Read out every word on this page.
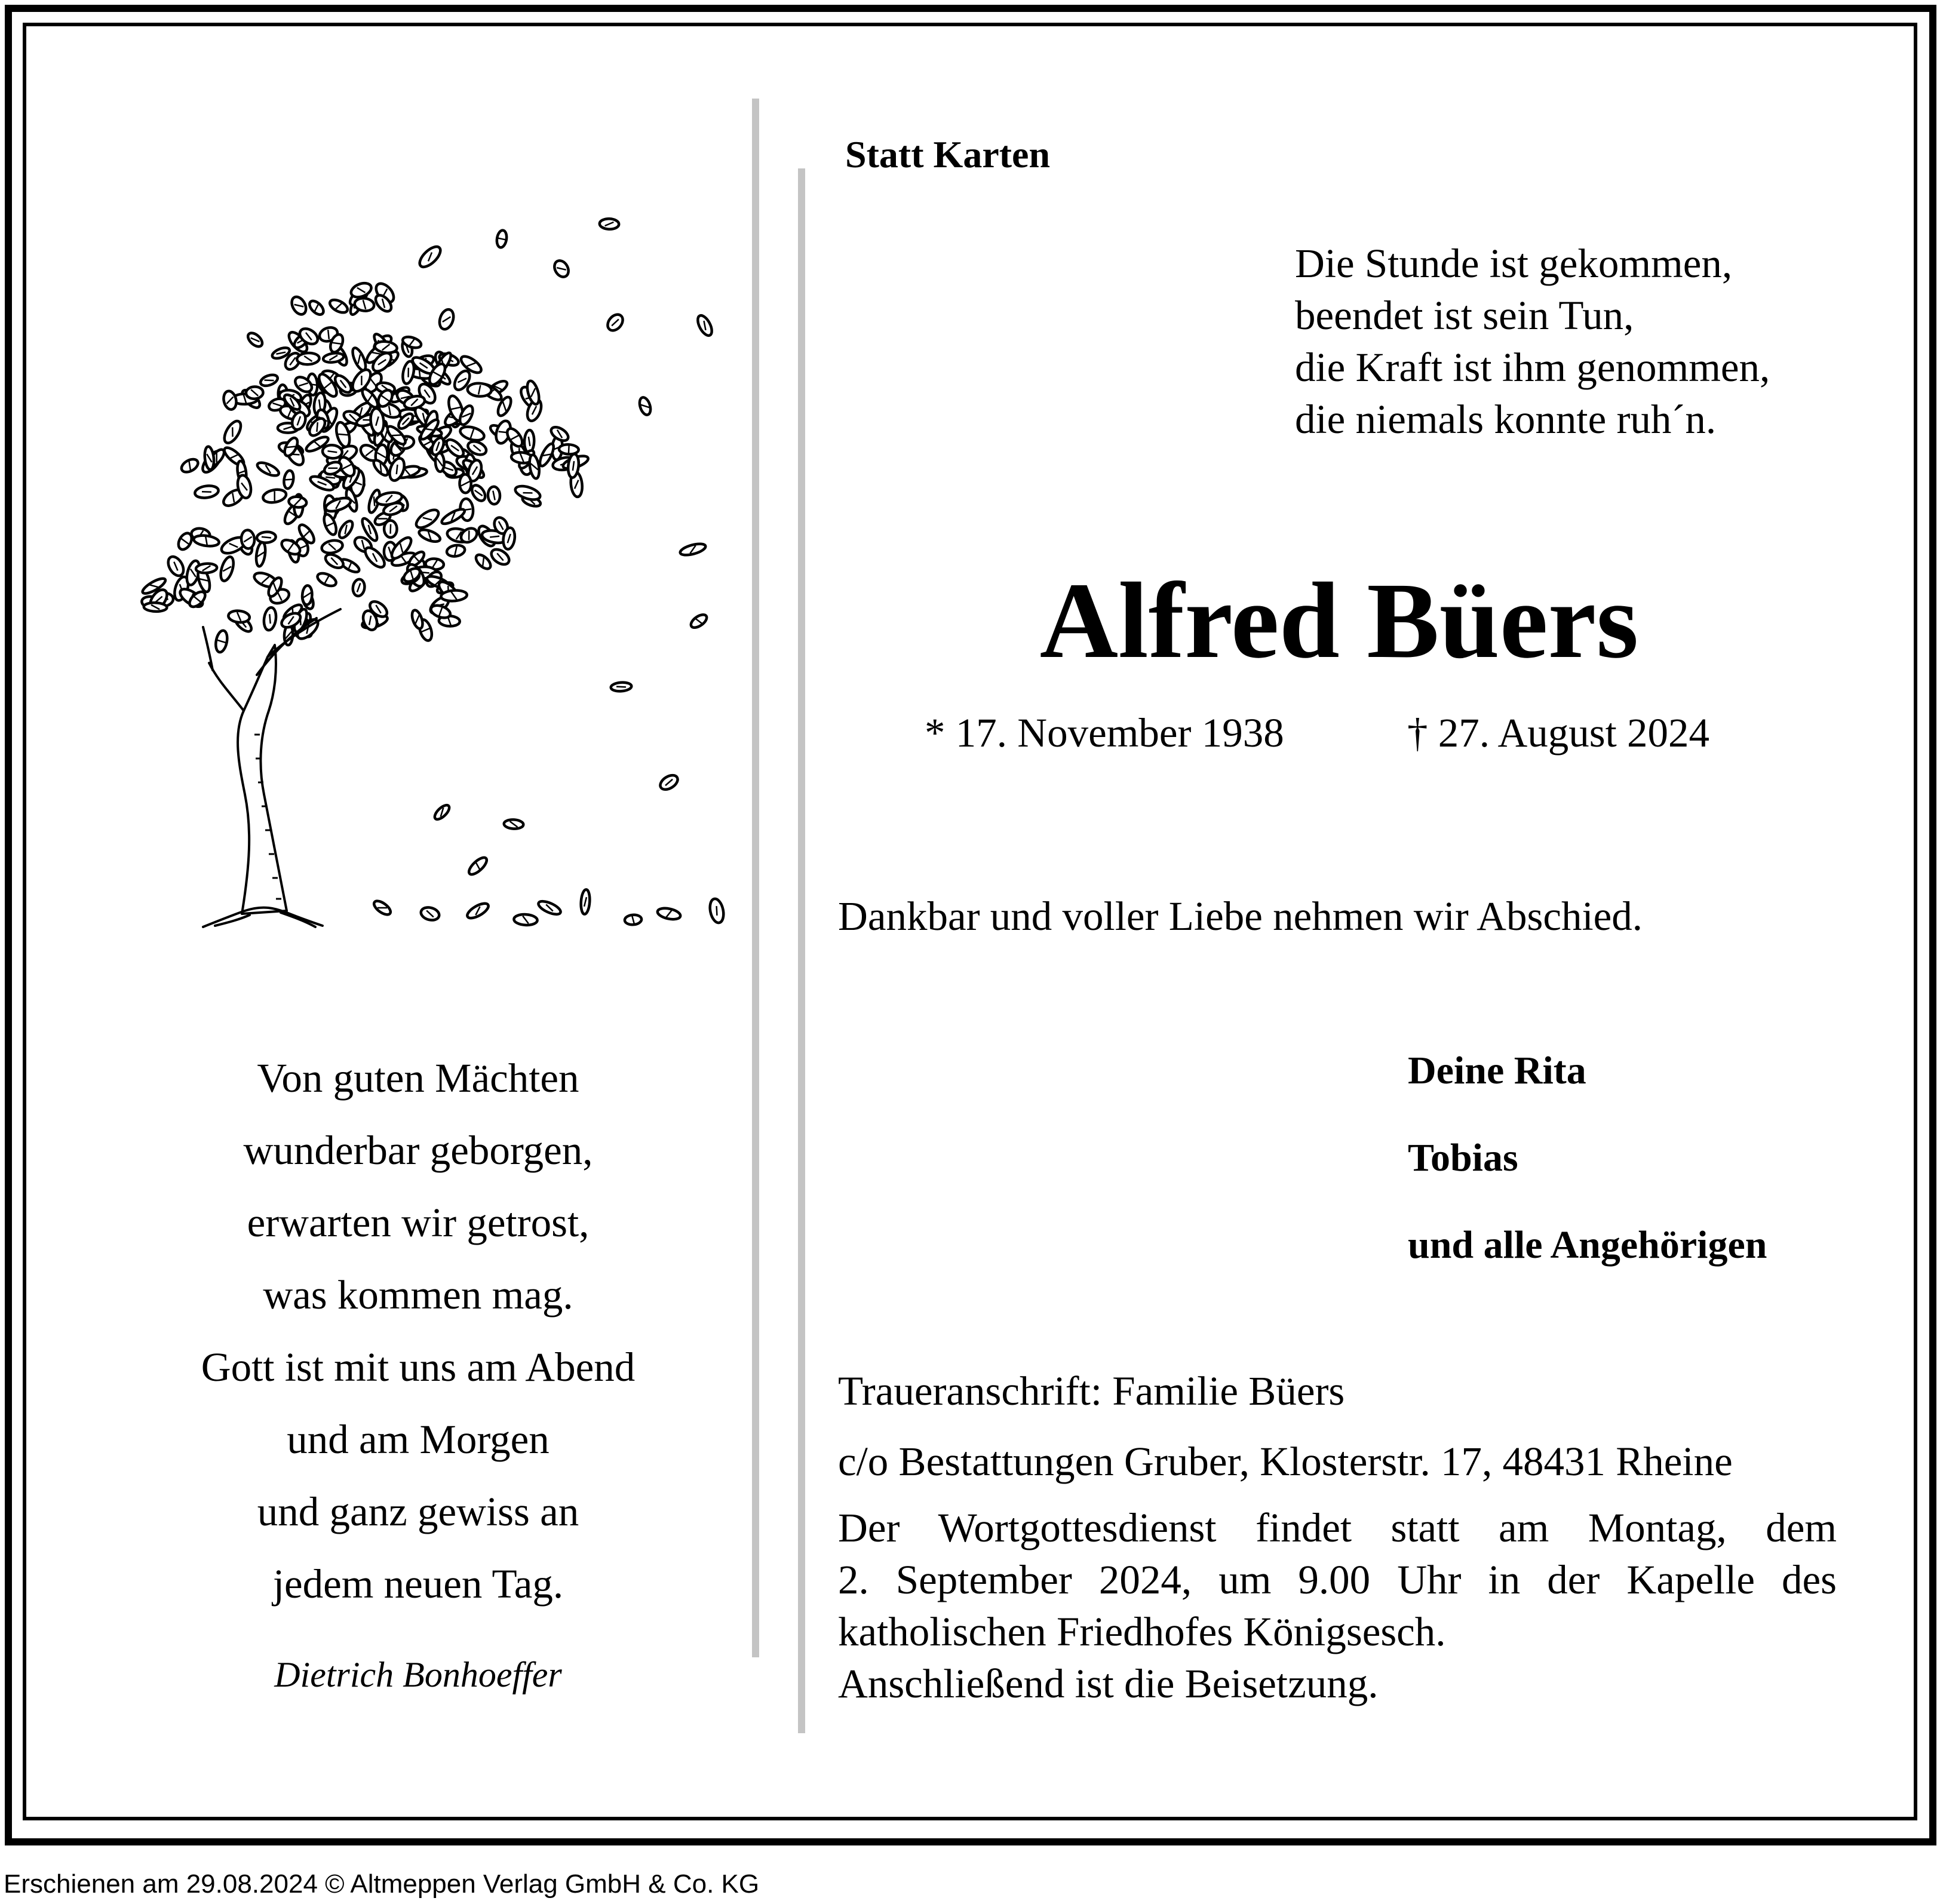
Statt Karten
Die Stunde ist gekommen,
beendet ist sein Tun,
die Kraft ist ihm genommen,
die niemals konnte ruh´n.
Alfred Büers
* 17. November 1938	† 27. August 2024
Dankbar und voller Liebe nehmen wir Abschied.
Deine Rita
Tobias
und alle Angehörigen
Traueranschrift: Familie Büers
c/o Bestattungen Gruber, Klosterstr. 17, 48431 Rheine
Der Wortgottesdienst findet statt am Montag, dem
2. September 2024, um 9.00 Uhr in der Kapelle des
katholischen Friedhofes Königsesch.
Anschließend ist die Beisetzung.
Von guten Mächten
wunderbar geborgen,
erwarten wir getrost,
was kommen mag.
Gott ist mit uns am Abend
und am Morgen
und ganz gewiss an
jedem neuen Tag.
Dietrich Bonhoeffer
Erschienen am 29.08.2024 © Altmeppen Verlag GmbH & Co. KG
